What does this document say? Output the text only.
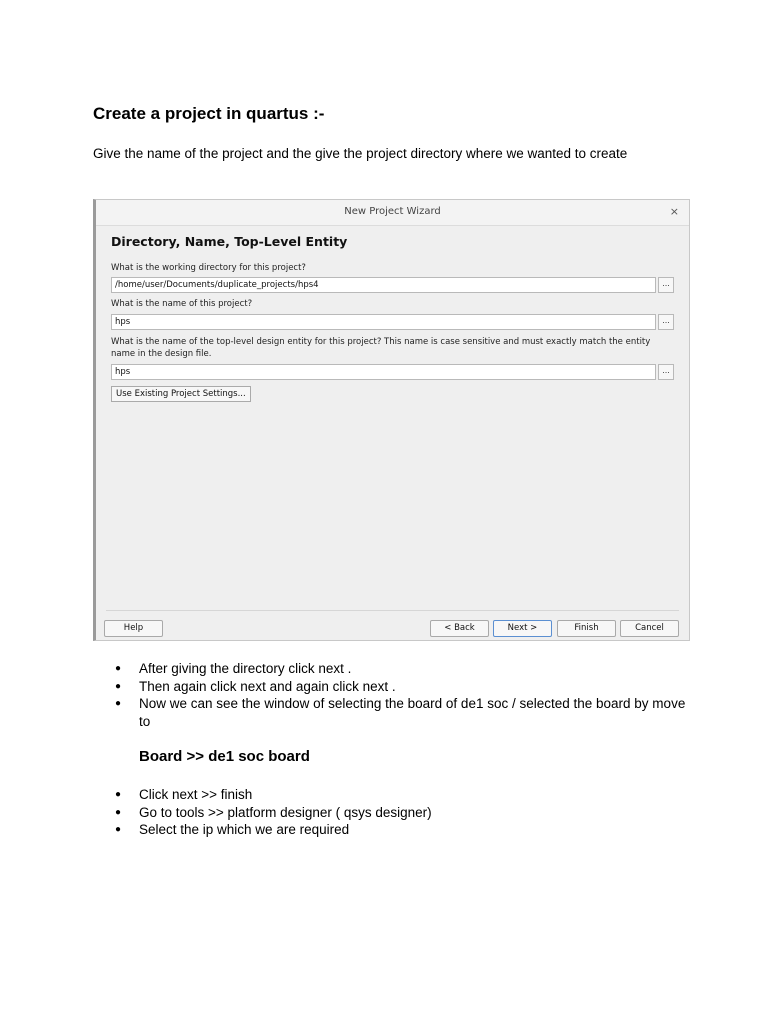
Create a project in quartus :-

Give the name of the project and the give the project directory where we wanted to create

New Project Wizard	×
Directory, Name, Top-Level Entity
What is the working directory for this project?
/home/user/Documents/duplicate_projects/hps4	...
What is the name of this project?
hps	...
What is the name of the top-level design entity for this project? This name is case sensitive and must exactly match the entity name in the design file.
hps	...
Use Existing Project Settings...
Help	< Back	Next >	Finish	Cancel
● After giving the directory click next .
● Then again click next and again click next .
● Now we can see the window of selecting the board of de1 soc / selected the board by move to
Board >> de1 soc board
● Click next >> finish
● Go to tools >> platform designer ( qsys designer)
● Select the ip which we are required
